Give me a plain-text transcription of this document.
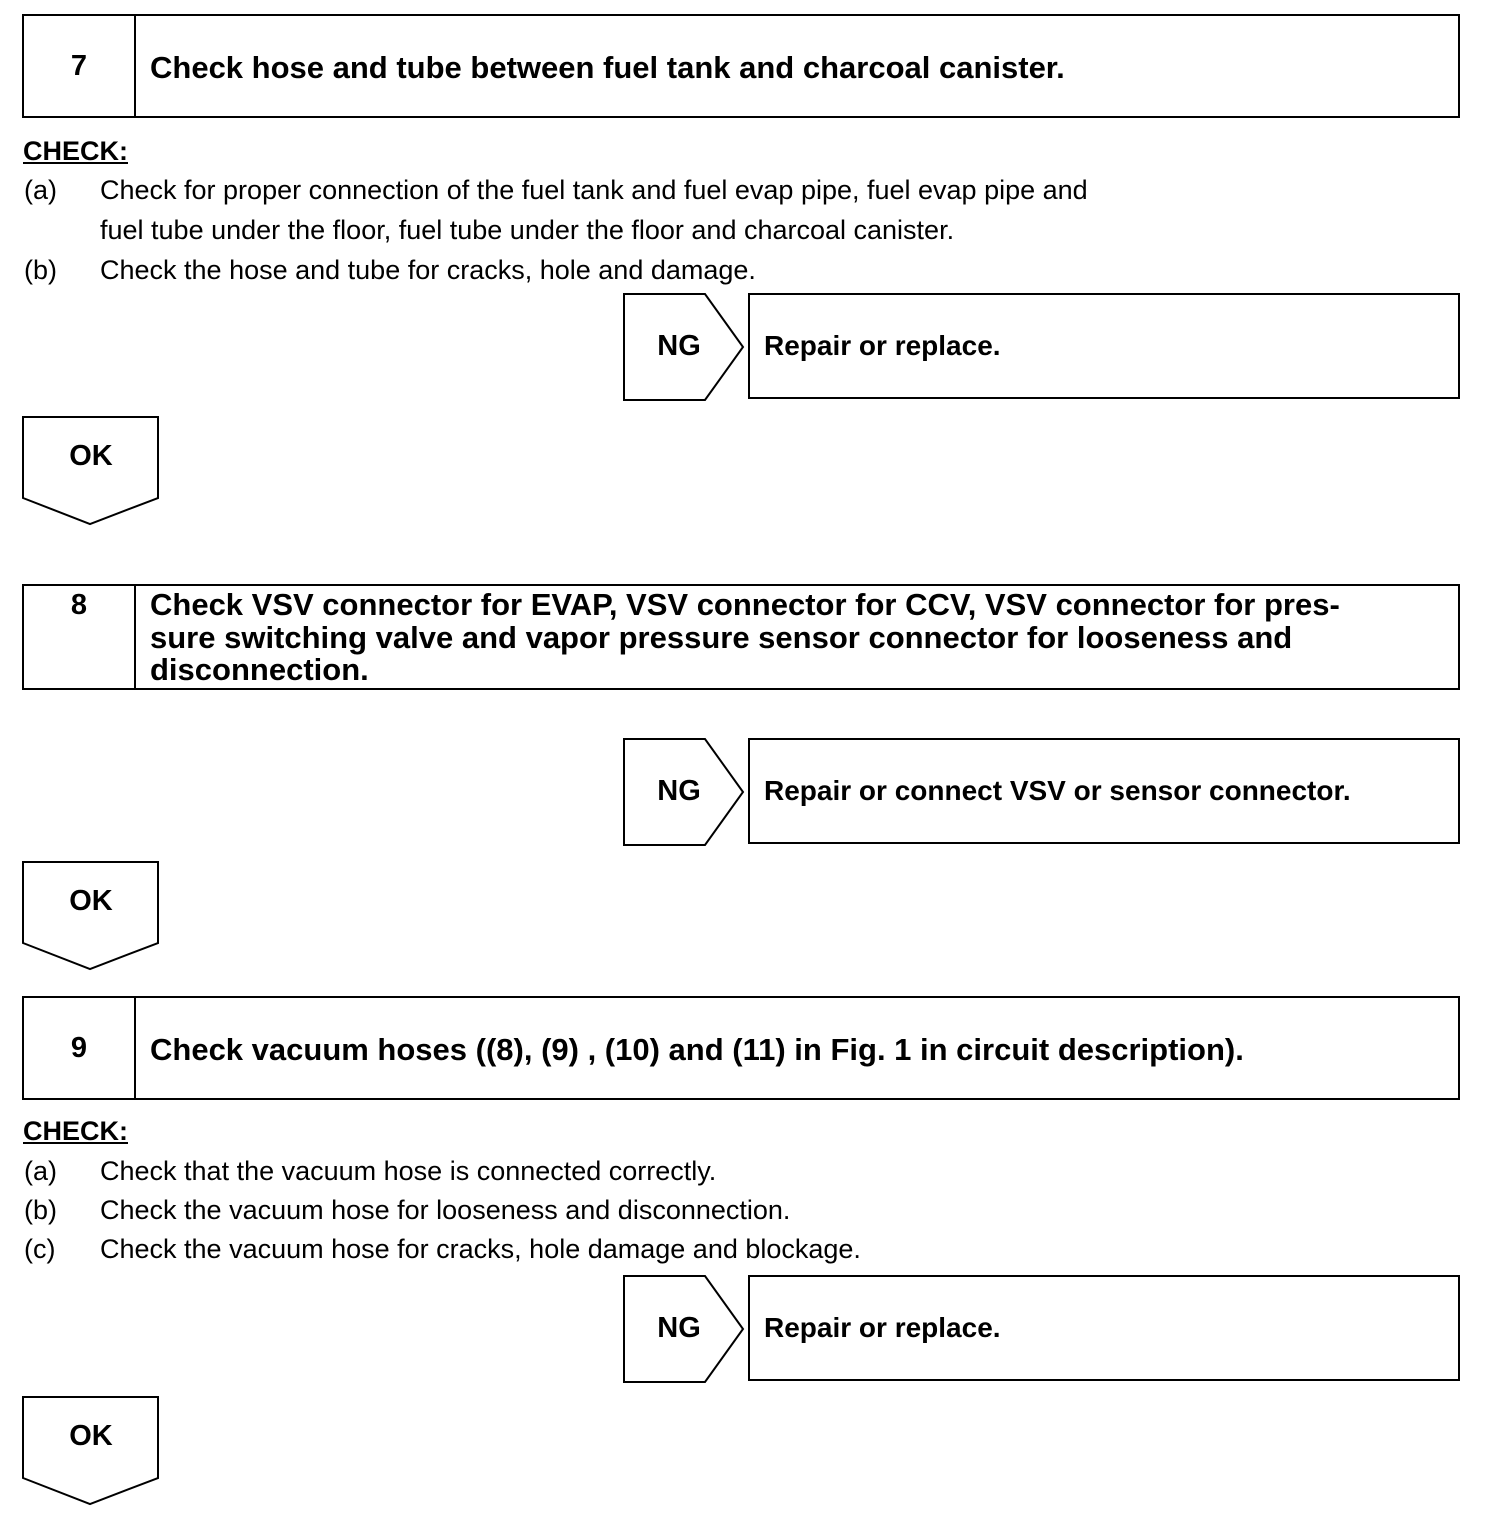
7	Check hose and tube between fuel tank and charcoal canister.
CHECK:
(a) Check for proper connection of the fuel tank and fuel evap pipe, fuel evap pipe and
fuel tube under the floor, fuel tube under the floor and charcoal canister.
(b) Check the hose and tube for cracks, hole and damage.
NG	Repair or replace.
OK
8	Check VSV connector for EVAP, VSV connector for CCV, VSV connector for pres-
sure switching valve and vapor pressure sensor connector for looseness and
disconnection.
NG	Repair or connect VSV or sensor connector.
OK
9	Check vacuum hoses ((8), (9) , (10) and (11) in Fig. 1 in circuit description).
CHECK:
(a) Check that the vacuum hose is connected correctly.
(b) Check the vacuum hose for looseness and disconnection.
(c) Check the vacuum hose for cracks, hole damage and blockage.
NG	Repair or replace.
OK
